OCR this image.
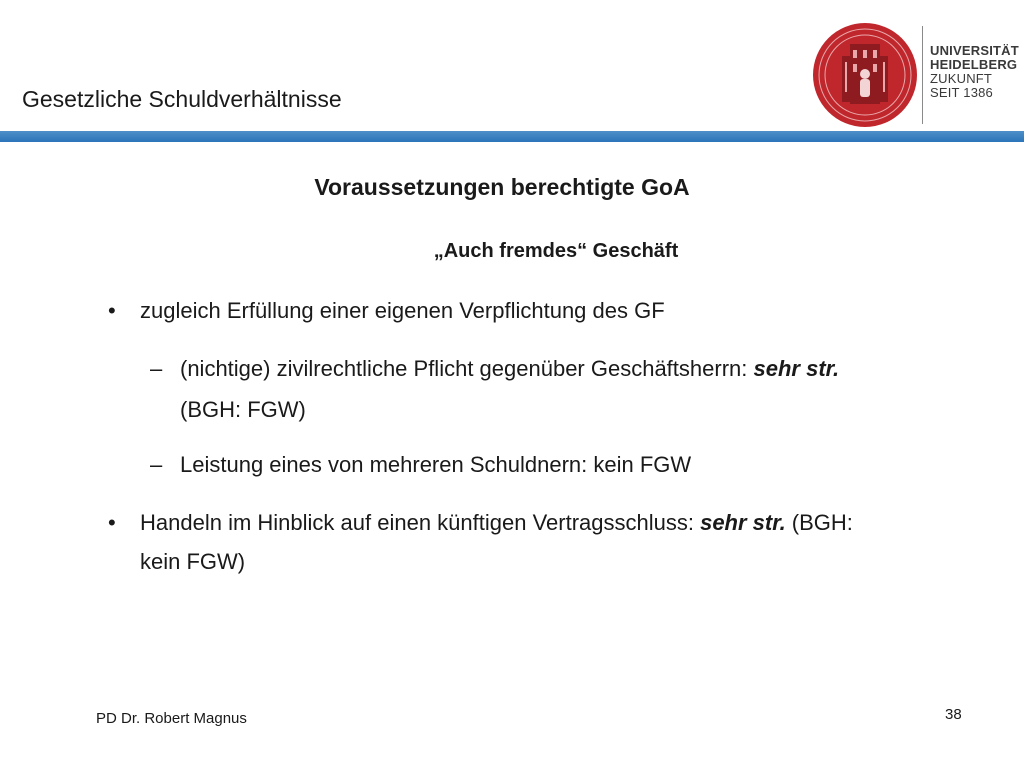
Gesetzliche Schuldverhältnisse
UNIVERSITÄT
HEIDELBERG
ZUKUNFT
SEIT 1386
Voraussetzungen berechtigte GoA
„Auch fremdes“ Geschäft
• zugleich Erfüllung einer eigenen Verpflichtung des GF
– (nichtige) zivilrechtliche Pflicht gegenüber Geschäftsherrn: sehr str.
(BGH: FGW)
– Leistung eines von mehreren Schuldnern: kein FGW
• Handeln im Hinblick auf einen künftigen Vertragsschluss: sehr str. (BGH:
kein FGW)
PD Dr. Robert Magnus	38
